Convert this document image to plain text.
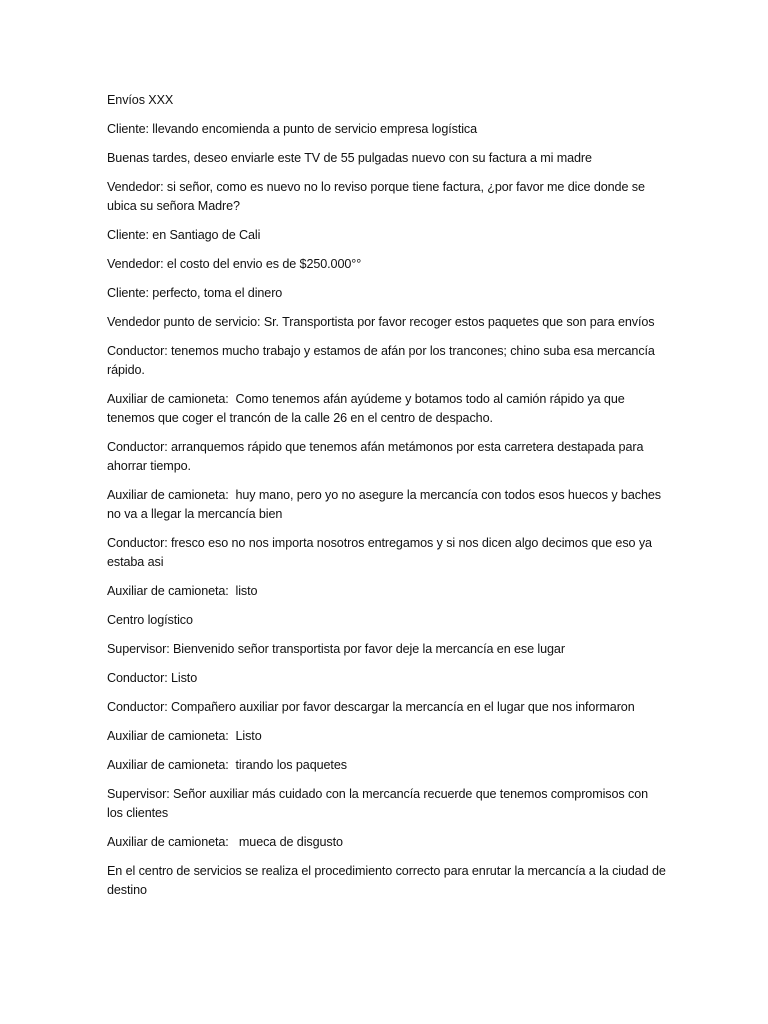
Envíos XXX

Cliente: llevando encomienda a punto de servicio empresa logística

Buenas tardes, deseo enviarle este TV de 55 pulgadas nuevo con su factura a mi madre

Vendedor: si señor, como es nuevo no lo reviso porque tiene factura, ¿por favor me dice donde se ubica su señora Madre?

Cliente: en Santiago de Cali

Vendedor: el costo del envio es de $250.000°°

Cliente: perfecto, toma el dinero

Vendedor punto de servicio: Sr. Transportista por favor recoger estos paquetes que son para envíos

Conductor: tenemos mucho trabajo y estamos de afán por los trancones; chino suba esa mercancía rápido.

Auxiliar de camioneta:  Como tenemos afán ayúdeme y botamos todo al camión rápido ya que tenemos que coger el trancón de la calle 26 en el centro de despacho.

Conductor: arranquemos rápido que tenemos afán metámonos por esta carretera destapada para ahorrar tiempo.

Auxiliar de camioneta:  huy mano, pero yo no asegure la mercancía con todos esos huecos y baches no va a llegar la mercancía bien

Conductor: fresco eso no nos importa nosotros entregamos y si nos dicen algo decimos que eso ya estaba asi

Auxiliar de camioneta:  listo

Centro logístico

Supervisor: Bienvenido señor transportista por favor deje la mercancía en ese lugar

Conductor: Listo

Conductor: Compañero auxiliar por favor descargar la mercancía en el lugar que nos informaron

Auxiliar de camioneta:  Listo

Auxiliar de camioneta:  tirando los paquetes

Supervisor: Señor auxiliar más cuidado con la mercancía recuerde que tenemos compromisos con los clientes

Auxiliar de camioneta:   mueca de disgusto

En el centro de servicios se realiza el procedimiento correcto para enrutar la mercancía a la ciudad de destino
